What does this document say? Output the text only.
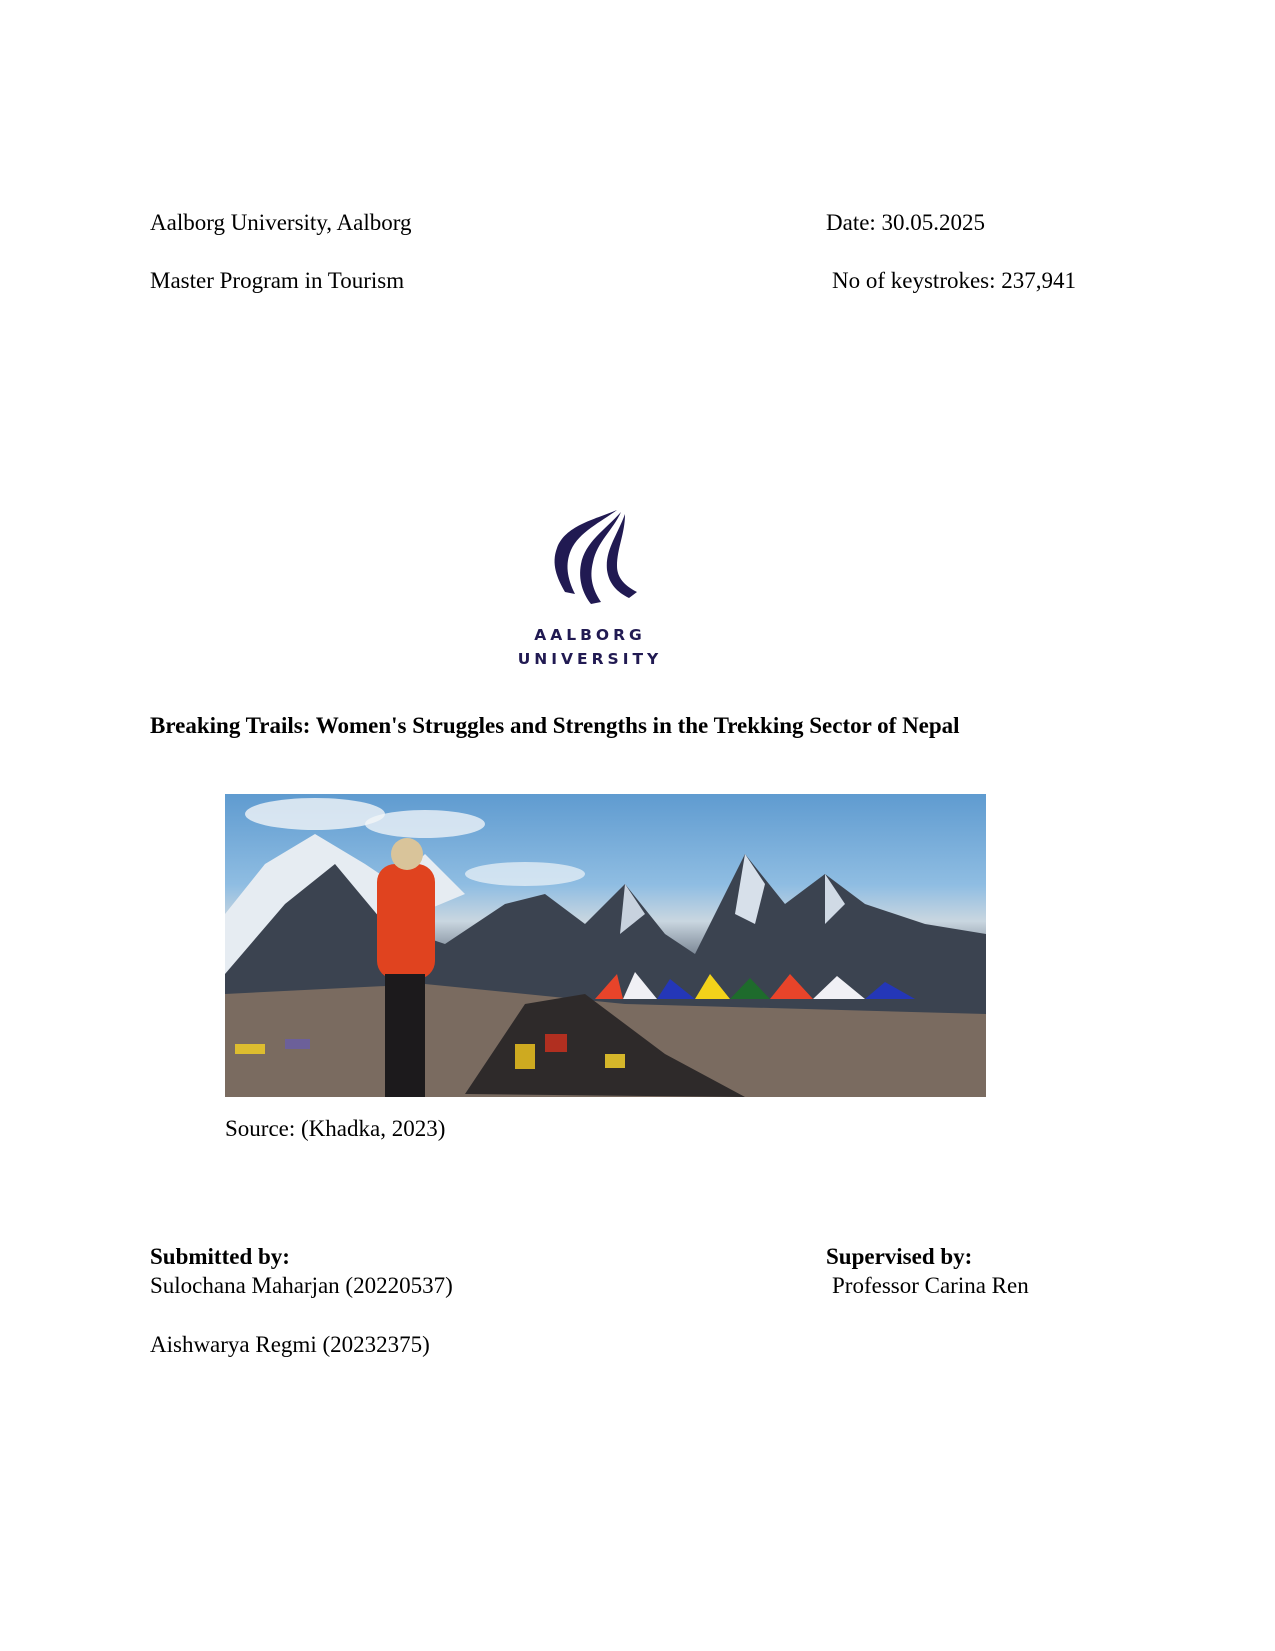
Aalborg University, Aalborg	Date: 30.05.2025
Master Program in Tourism	No of keystrokes: 237,941
AALBORG
UNIVERSITY
Breaking Trails: Women's Struggles and Strengths in the Trekking Sector of Nepal
Source: (Khadka, 2023)
Submitted by:
Sulochana Maharjan (20220537)
Aishwarya Regmi (20232375)
Supervised by:
Professor Carina Ren
